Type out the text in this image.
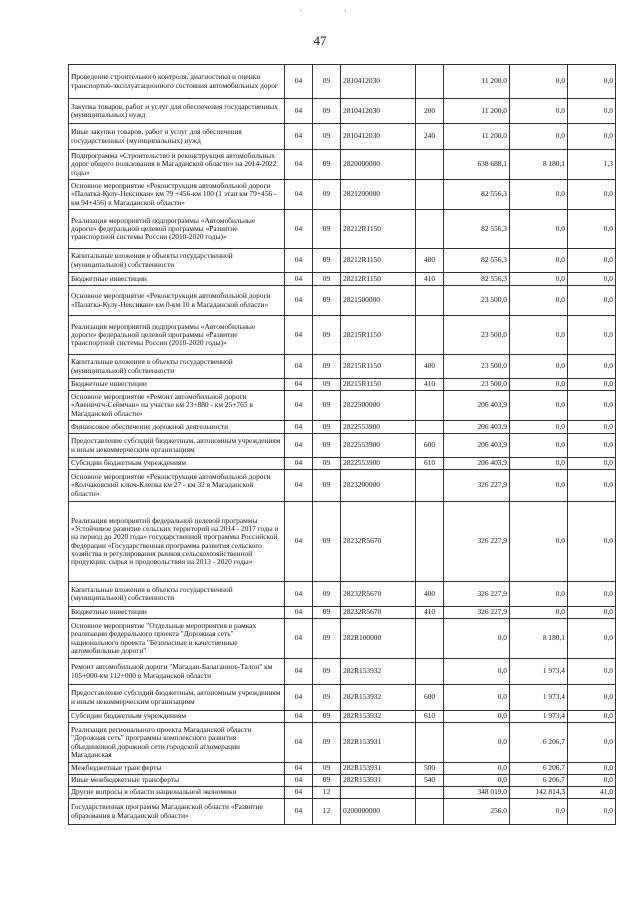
' ‘
47
Проведение строительного контроля, диагностики и оценки транспортно-эксплуатационного состояния автомобильных дорог	04	09	2810412030		11 200,0	0,0	0,0
Закупка товаров, работ и услуг для обеспечения государственных (муниципальных) нужд	04	09	2810412030	200	11 200,0	0,0	0,0
Иные закупки товаров, работ и услуг для обеспечения государственных (муниципальных) нужд	04	09	2810412030	240	11 200,0	0,0	0,0
Подпрограмма «Строительство и реконструкция автомобильных дорог общего пользования в Магаданской области» на 2014-2022 годы»	04	09	2820000000		638 688,1	8 180,1	1,3
Основное мероприятие «Реконструкция автомобильной дороги «Палатка-Кулу-Нексикан» км 79 +456-км 100 (1 этап км 79+456 - км 94+456) в Магаданской области»	04	09	2821200000		82 556,3	0,0	0,0
Реализация мероприятий подпрограммы «Автомобильные дороги» федеральной целевой программы «Развитие транспортной системы России (2010-2020 годы)»	04	09	28212R1150		82 556,3	0,0	0,0
Капитальные вложения в объекты государственной (муниципальной) собственности	04	09	28212R1150	400	82 556,3	0,0	0,0
Бюджетные инвестиции	04	09	28212R1150	410	82 556,3	0,0	0,0
Основное мероприятие «Реконструкция автомобильной дороги «Палатка-Кулу-Нексикан» км 0-км 10 в Магаданской области»	04	09	2821500000		23 500,0	0,0	0,0
Реализация мероприятий подпрограммы «Автомобильные дороги» федеральной целевой программы «Развитие транспортной системы России (2010-2020 годы)»	04	09	28215R1150		23 500,0	0,0	0,0
Капитальные вложения в объекты государственной (муниципальной) собственности	04	09	28215R1150	400	23 500,0	0,0	0,0
Бюджетные инвестиции	04	09	28215R1150	410	23 500,0	0,0	0,0
Основное мероприятие «Ремонт автомобильной дороги «Авеничгч-Сеймчан» на участке км 23+880 - км 25+765 в Магаданской области»	04	09	2822500000		206 403,9	0,0	0,0
Финансовое обеспечение дорожной деятельности	04	09	2822553900		206 403,9	0,0	0,0
Предоставление субсидий бюджетным, автономным учреждениям и иным некоммерческим организациям	04	09	2822553900	600	206 403,9	0,0	0,0
Субсидии бюджетным учреждениям	04	09	2822553900	610	206 403,9	0,0	0,0
Основное мероприятие «Реконструкция автомобильной дороги «Колчаковский ключ-Клепка км 27 - км 32 в Магаданской области»	04	09	2823200000		326 227,9	0,0	0,0
Реализация мероприятий федеральной целевой программы «Устойчивое развитие сельских территорий на 2014 - 2017 годы и на период до 2020 года» государственной программы Российской Федерации «Государственная программа развития сельского хозяйства и регулирования рынков сельскохозяйственной продукции, сырья и продовольствия на 2013 - 2020 годы»	04	09	28232R5670		326 227,9	0,0	0,0
Капитальные вложения в объекты государственной (муниципальной) собственности	04	09	28232R5670	400	326 227,9	0,0	0,0
Бюджетные инвестиции	04	09	28232R5670	410	326 227,9	0,0	0,0
Основное мероприятие "Отдельные мероприятия в рамках реализации федерального проекта "Дорожная сеть" национального проекта "Безопасные и качественные автомобильные дороги"	04	09	282R100000		0,0	8 180,1	0,0
Ремонт автомобильной дороги "Магадан-Балаганное-Талон" км 105+000-км 112+000 в Магаданской области	04	09	282R153932		0,0	1 973,4	0,0
Предоставление субсидий бюджетным, автономным учреждениям и иным некоммерческим организациям	04	09	282R153932	600	0,0	1 973,4	0,0
Субсидии бюджетным учреждениям	04	09	282R153932	610	0,0	1 973,4	0,0
Реализация регионального проекта Магаданской области "Дорожная сеть" программы комплексного развития объединенной дорожной сети городской агломерации Магаданская	04	09	282R153931		0,0	6 206,7	0,0
Межбюджетные трансферты	04	09	282R153931	500	0,0	6 206,7	0,0
Иные межбюджетные трансферты	04	09	282R153931	540	0,0	6 206,7	0,0
Другие вопросы в области национальной экономики	04	12			348 019,0	142 814,3	41,0
Государственная программа Магаданской области «Развитие образования в Магаданской области»	04	12	0200000000		256,0	0,0	0,0
